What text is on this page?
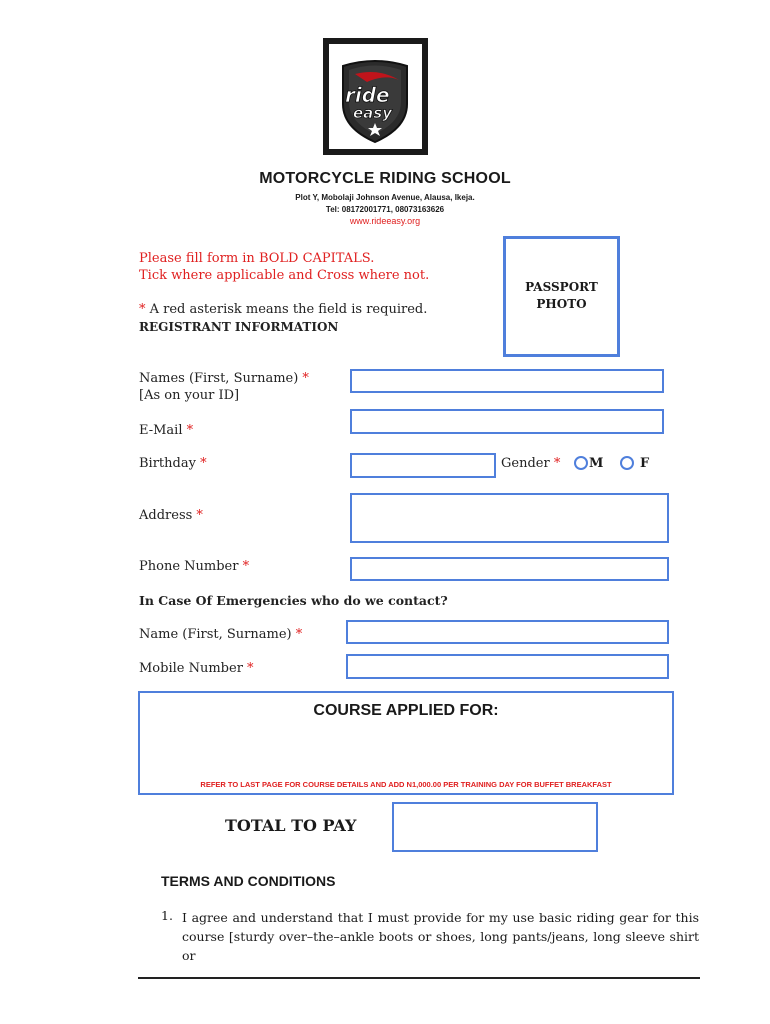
ride
easy
MOTORCYCLE RIDING SCHOOL
Plot Y, Mobolaji Johnson Avenue, Alausa, Ikeja.
Tel: 08172001771, 08073163626
www.rideeasy.org
Please fill form in BOLD CAPITALS.
Tick where applicable and Cross where not.
* A red asterisk means the field is required.
REGISTRANT INFORMATION
PASSPORT
PHOTO
Names (First, Surname) *
[As on your ID]
E-Mail *
Birthday *	Gender * M	F
Address *
Phone Number *
In Case Of Emergencies who do we contact?
Name (First, Surname) *
Mobile Number *
COURSE APPLIED FOR:
REFER TO LAST PAGE FOR COURSE DETAILS AND ADD N1,000.00 PER TRAINING DAY FOR BUFFET BREAKFAST
TOTAL TO PAY
TERMS AND CONDITIONS
1. I agree and understand that I must provide for my use basic riding gear for this course [sturdy over–the–ankle boots or shoes, long pants/jeans, long sleeve shirt or
